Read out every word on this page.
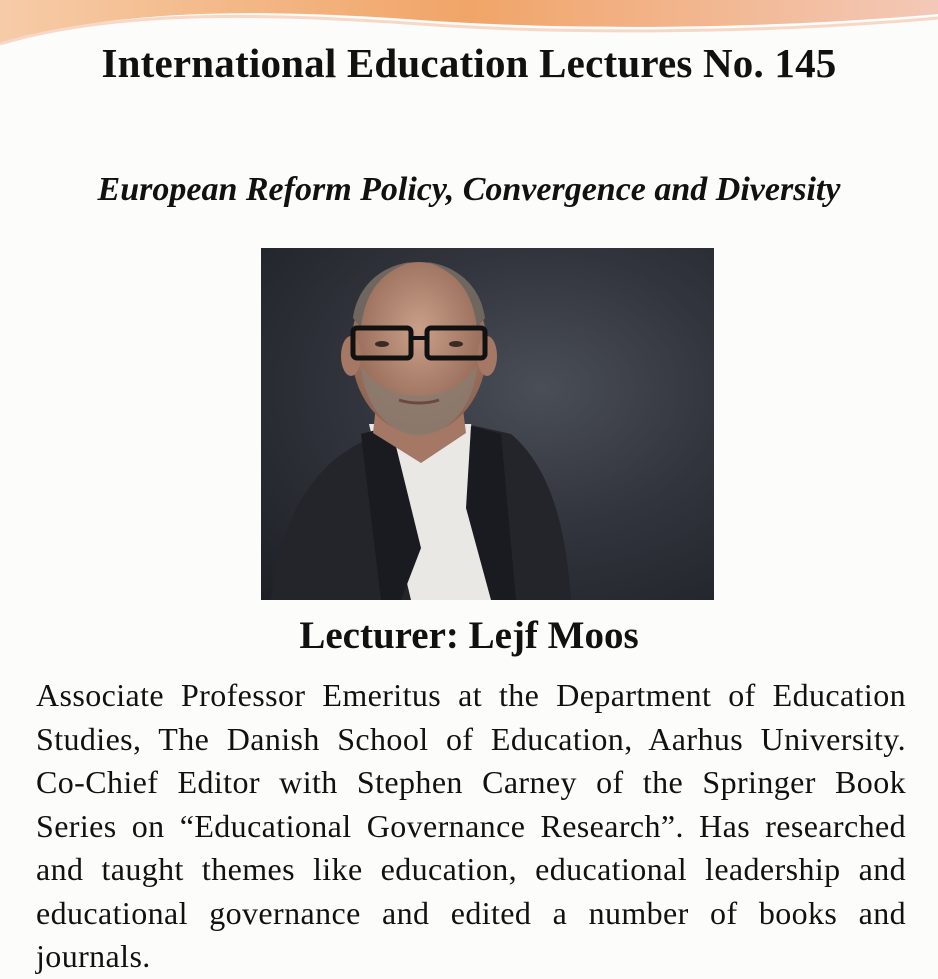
International Education Lectures No. 145
European Reform Policy, Convergence and Diversity
Lecturer: Lejf Moos
Associate Professor Emeritus at the Department of Education Studies, The Danish School of Education, Aarhus University. Co-Chief Editor with Stephen Carney of the Springer Book Series on “Educational Governance Research”. Has researched and taught themes like education, educational leadership and educational governance and edited a number of books and journals.
